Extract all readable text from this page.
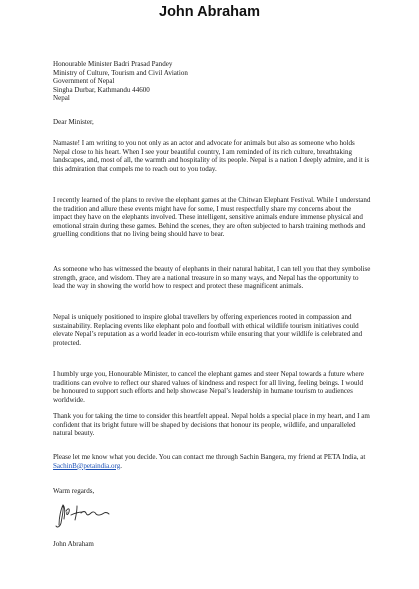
John Abraham
Honourable Minister Badri Prasad Pandey
Ministry of Culture, Tourism and Civil Aviation
Government of Nepal
Singha Durbar, Kathmandu 44600
Nepal
Dear Minister,

Namaste! I am writing to you not only as an actor and advocate for animals but also as someone who holds Nepal close to his heart. When I see your beautiful country, I am reminded of its rich culture, breathtaking landscapes, and, most of all, the warmth and hospitality of its people. Nepal is a nation I deeply admire, and it is this admiration that compels me to reach out to you today.

I recently learned of the plans to revive the elephant games at the Chitwan Elephant Festival. While I understand the tradition and allure these events might have for some, I must respectfully share my concerns about the impact they have on the elephants involved. These intelligent, sensitive animals endure immense physical and emotional strain during these games. Behind the scenes, they are often subjected to harsh training methods and gruelling conditions that no living being should have to bear.

As someone who has witnessed the beauty of elephants in their natural habitat, I can tell you that they symbolise strength, grace, and wisdom. They are a national treasure in so many ways, and Nepal has the opportunity to lead the way in showing the world how to respect and protect these magnificent animals.

Nepal is uniquely positioned to inspire global travellers by offering experiences rooted in compassion and sustainability. Replacing events like elephant polo and football with ethical wildlife tourism initiatives could elevate Nepal’s reputation as a world leader in eco-tourism while ensuring that your wildlife is celebrated and protected.

I humbly urge you, Honourable Minister, to cancel the elephant games and steer Nepal towards a future where traditions can evolve to reflect our shared values of kindness and respect for all living, feeling beings. I would be honoured to support such efforts and help showcase Nepal’s leadership in humane tourism to audiences worldwide.

Thank you for taking the time to consider this heartfelt appeal. Nepal holds a special place in my heart, and I am confident that its bright future will be shaped by decisions that honour its people, wildlife, and unparalleled natural beauty.

Please let me know what you decide. You can contact me through Sachin Bangera, my friend at PETA India, at SachinB@petaindia.org.

Warm regards,
John Abraham
